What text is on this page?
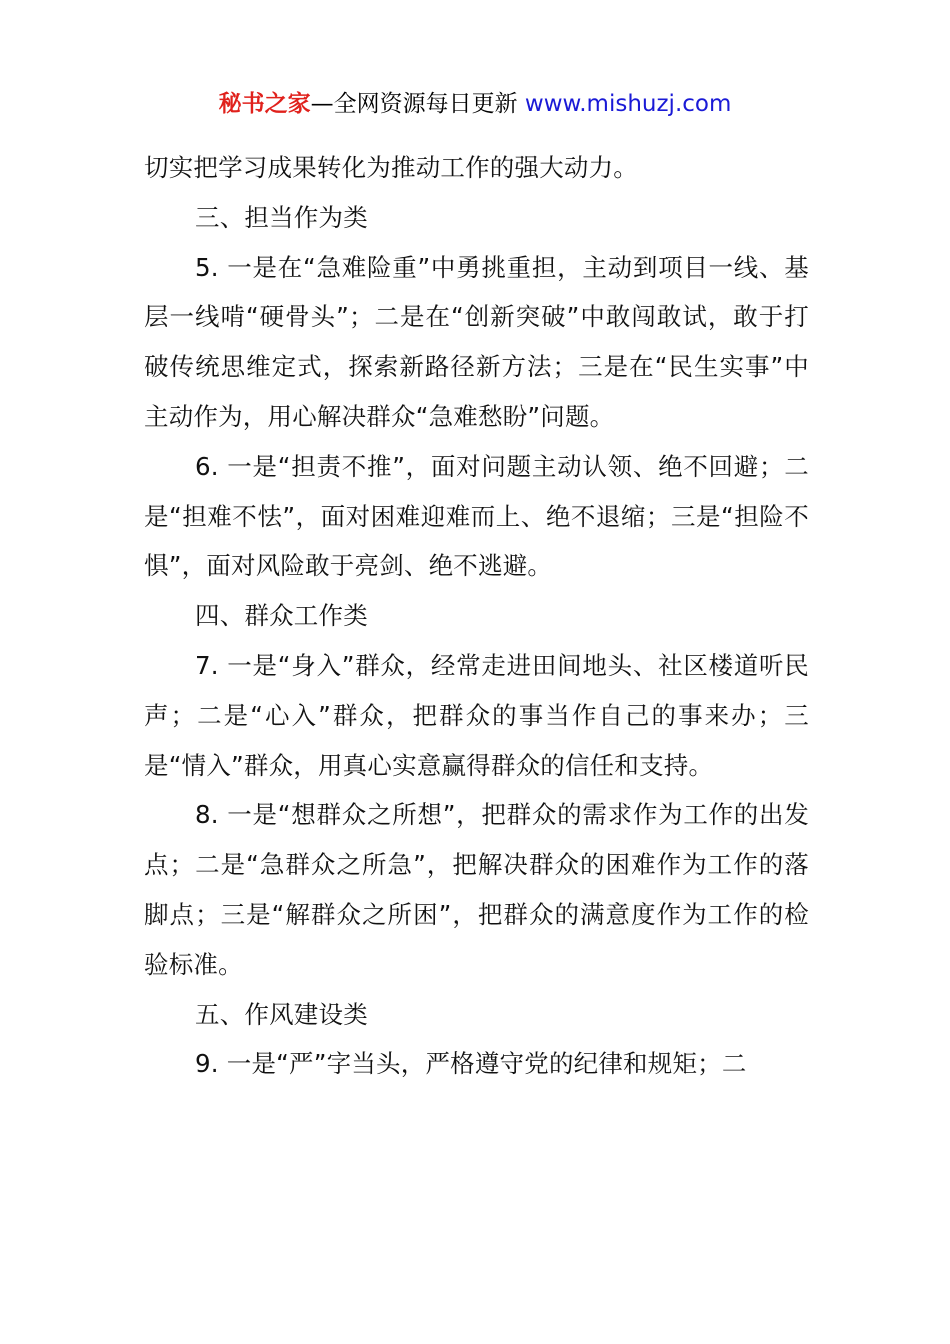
秘书之家—全网资源每日更新 www.mishuzj.com

切实把学习成果转化为推动工作的强大动力。

三、担当作为类

5. 一是在“急难险重”中勇挑重担，主动到项目一线、基层一线啃“硬骨头”；二是在“创新突破”中敢闯敢试，敢于打破传统思维定式，探索新路径新方法；三是在“民生实事”中主动作为，用心解决群众“急难愁盼”问题。

6. 一是“担责不推”，面对问题主动认领、绝不回避；二是“担难不怯”，面对困难迎难而上、绝不退缩；三是“担险不惧”，面对风险敢于亮剑、绝不逃避。

四、群众工作类

7. 一是“身入”群众，经常走进田间地头、社区楼道听民声；二是“心入”群众，把群众的事当作自己的事来办；三是“情入”群众，用真心实意赢得群众的信任和支持。

8. 一是“想群众之所想”，把群众的需求作为工作的出发点；二是“急群众之所急”，把解决群众的困难作为工作的落脚点；三是“解群众之所困”，把群众的满意度作为工作的检验标准。

五、作风建设类

9. 一是“严”字当头，严格遵守党的纪律和规矩；二
